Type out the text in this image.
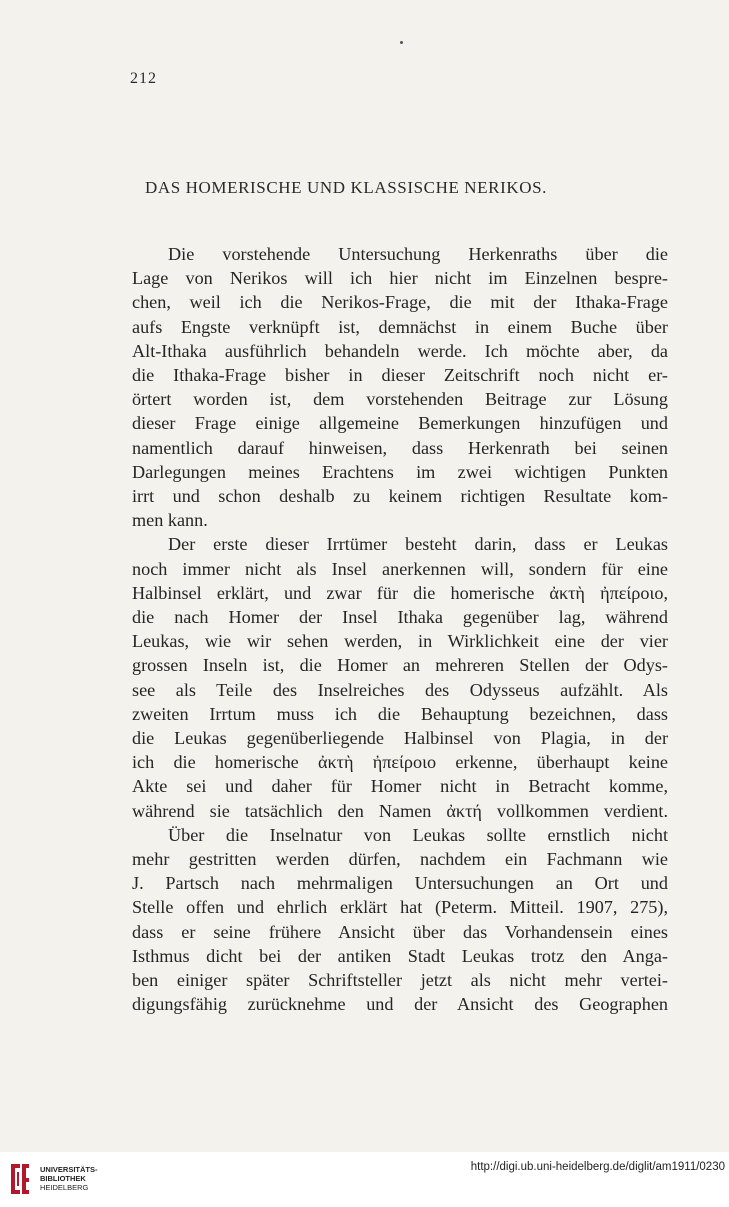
212
DAS HOMERISCHE UND KLASSISCHE NERIKOS.

Die vorstehende Untersuchung Herkenraths über die

Lage von Nerikos will ich hier nicht im Einzelnen bespre-

chen, weil ich die Nerikos-Frage, die mit der Ithaka-Frage

aufs Engste verknüpft ist, demnächst in einem Buche über

Alt-Ithaka ausführlich behandeln werde. Ich möchte aber, da

die Ithaka-Frage bisher in dieser Zeitschrift noch nicht er-

örtert worden ist, dem vorstehenden Beitrage zur Lösung

dieser Frage einige allgemeine Bemerkungen hinzufügen und

namentlich darauf hinweisen, dass Herkenrath bei seinen

Darlegungen meines Erachtens im zwei wichtigen Punkten

irrt und schon deshalb zu keinem richtigen Resultate kom-

men kann.

Der erste dieser Irrtümer besteht darin, dass er Leukas

noch immer nicht als Insel anerkennen will, sondern für eine

Halbinsel erklärt, und zwar für die homerische ἀκτὴ ἠπείροιο,

die nach Homer der Insel Ithaka gegenüber lag, während

Leukas, wie wir sehen werden, in Wirklichkeit eine der vier

grossen Inseln ist, die Homer an mehreren Stellen der Odys-

see als Teile des Inselreiches des Odysseus aufzählt. Als

zweiten Irrtum muss ich die Behauptung bezeichnen, dass

die Leukas gegenüberliegende Halbinsel von Plagia, in der

ich die homerische ἀκτὴ ἠπείροιο erkenne, überhaupt keine

Akte sei und daher für Homer nicht in Betracht komme,

während sie tatsächlich den Namen ἀκτή vollkommen verdient.

Über die Inselnatur von Leukas sollte ernstlich nicht

mehr gestritten werden dürfen, nachdem ein Fachmann wie

J. Partsch nach mehrmaligen Untersuchungen an Ort und

Stelle offen und ehrlich erklärt hat (Peterm. Mitteil. 1907, 275),

dass er seine frühere Ansicht über das Vorhandensein eines

Isthmus dicht bei der antiken Stadt Leukas trotz den Anga-

ben einiger später Schriftsteller jetzt als nicht mehr vertei-

digungsfähig zurücknehme und der Ansicht des Geographen

UNIVERSITÄTS-
BIBLIOTHEK
HEIDELBERG
http://digi.ub.uni-heidelberg.de/diglit/am1911/0230
